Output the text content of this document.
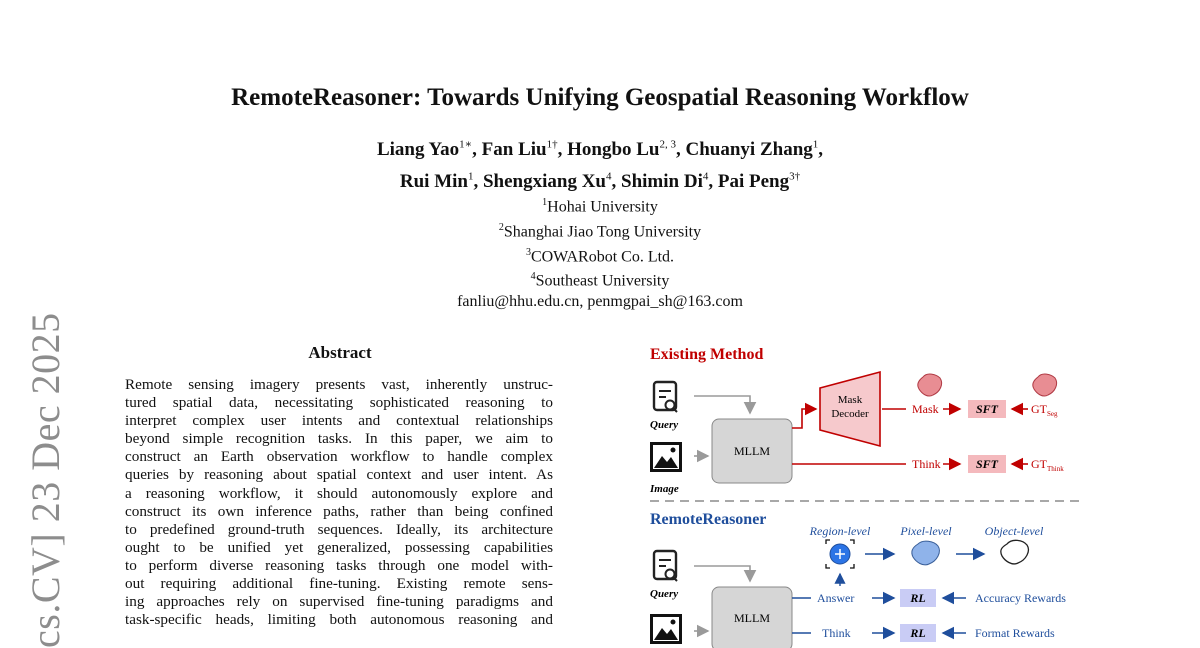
cs.CV] 23 Dec 2025
RemoteReasoner: Towards Unifying Geospatial Reasoning Workflow
Liang Yao$^{1∗}$, Fan Liu$^{1\dagger}$, Hongbo Lu$^{2, 3}$, Chuanyi Zhang$^1$,
Rui Min$^1$, Shengxiang Xu$^4$, Shimin Di$^4$, Pai Peng$^{3\dagger}$
$^1$Hohai University
$^2$Shanghai Jiao Tong University
$^3$COWARobot Co. Ltd.
$^4$Southeast University
fanliu@hhu.edu.cn, penmgpai_sh@163.com
Abstract
Remote sensing imagery presents vast, inherently unstruc-
tured spatial data, necessitating sophisticated reasoning to
interpret complex user intents and contextual relationships
beyond simple recognition tasks. In this paper, we aim to
construct an Earth observation workflow to handle complex
queries by reasoning about spatial context and user intent. As
a reasoning workflow, it should autonomously explore and
construct its own inference paths, rather than being confined
to predefined ground-truth sequences. Ideally, its architecture
ought to be unified yet generalized, possessing capabilities
to perform diverse reasoning tasks through one model with-
out requiring additional fine-tuning. Existing remote sens-
ing approaches rely on supervised fine-tuning paradigms and
task-specific heads, limiting both autonomous reasoning and
Existing Method
Query
Image
MLLM
Mask
Decoder	Mask	SFT	$GT_{Seg}$
Think	SFT	$GT_{Think}$
RemoteReasoner
Region-level	Pixel-level	Object-level
Query
MLLM
Answer	RL	Accuracy Rewards
Think	RL	Format Rewards
